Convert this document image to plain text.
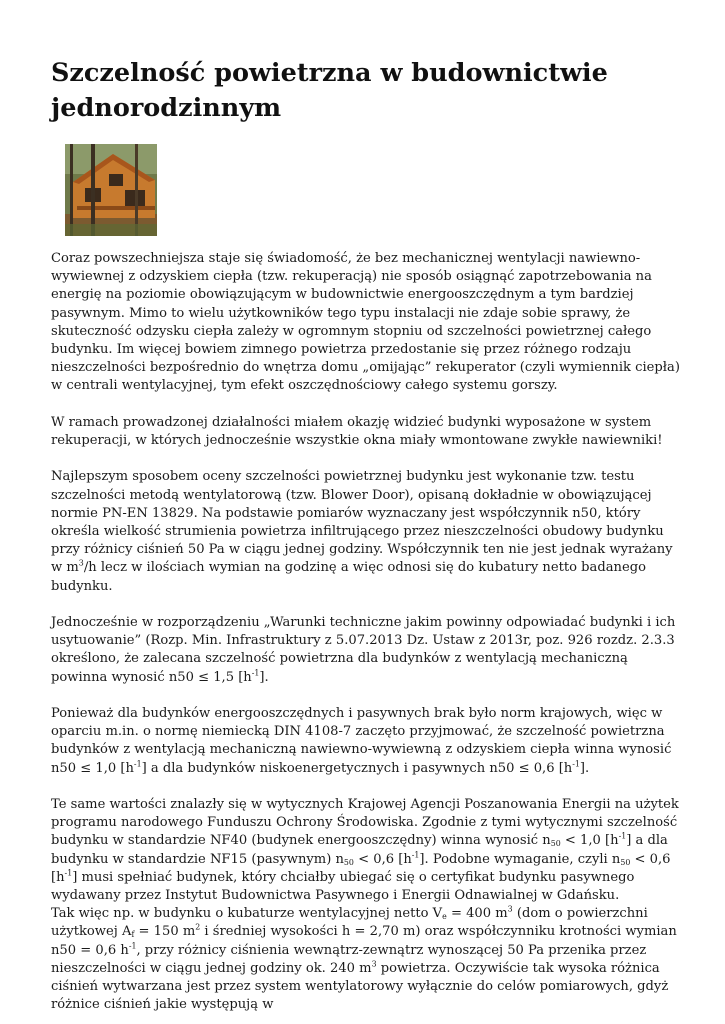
Szczelność powietrzna w budownictwie jednorodzinnym

Coraz powszechniejsza staje się świadomość, że bez mechanicznej wentylacji nawiewno-wywiewnej z odzyskiem ciepła (tzw. rekuperacją) nie sposób osiągnąć zapotrzebowania na energię na poziomie obowiązującym w budownictwie energooszczędnym a tym bardziej pasywnym. Mimo to wielu użytkowników tego typu instalacji nie zdaje sobie sprawy, że skuteczność odzysku ciepła zależy w ogromnym stopniu od szczelności powietrznej całego budynku. Im więcej bowiem zimnego powietrza przedostanie się przez różnego rodzaju nieszczelności bezpośrednio do wnętrza domu „omijając” rekuperator (czyli wymiennik ciepła) w centrali wentylacyjnej, tym efekt oszczędnościowy całego systemu gorszy.

W ramach prowadzonej działalności miałem okazję widzieć budynki wyposażone w system rekuperacji, w których jednocześnie wszystkie okna miały wmontowane zwykłe nawiewniki!

Najlepszym sposobem oceny szczelności powietrznej budynku jest wykonanie tzw. testu szczelności metodą wentylatorową (tzw. Blower Door), opisaną dokładnie w obowiązującej normie PN-EN 13829. Na podstawie pomiarów wyznaczany jest współczynnik n50, który określa wielkość strumienia powietrza infiltrującego przez nieszczelności obudowy budynku przy różnicy ciśnień 50 Pa w ciągu jednej godziny. Współczynnik ten nie jest jednak wyrażany w $m^3/h$ lecz w ilościach wymian na godzinę a więc odnosi się do kubatury netto badanego budynku.

Jednocześnie w rozporządzeniu „Warunki techniczne jakim powinny odpowiadać budynki i ich usytuowanie” (Rozp. Min. Infrastruktury z 5.07.2013 Dz. Ustaw z 2013r, poz. 926 rozdz. 2.3.3 określono, że zalecana szczelność powietrzna dla budynków z wentylacją mechaniczną powinna wynosić n50 ≤ 1,5 $[h^{-1}]$.

Ponieważ dla budynków energooszczędnych i pasywnych brak było norm krajowych, więc w oparciu m.in. o normę niemiecką DIN 4108-7 zaczęto przyjmować, że szczelność powietrzna budynków z wentylacją mechaniczną nawiewno-wywiewną z odzyskiem ciepła winna wynosić n50 ≤ 1,0 $[h^{-1}]$ a dla budynków niskoenergetycznych i pasywnych n50 ≤ 0,6 $[h^{-1}]$.

Te same wartości znalazły się w wytycznych Krajowej Agencji Poszanowania Energii na użytek programu narodowego Funduszu Ochrony Środowiska. Zgodnie z tymi wytycznymi szczelność budynku w standardzie NF40 (budynek energooszczędny) winna wynosić $n_{50} < 1,0$ $[h^{-1}]$ a dla budynku w standardzie NF15 (pasywnym) $n_{50} < 0,6$ $[h^{-1}]$. Podobne wymaganie, czyli $n_{50} < 0,6$ $[h^{-1}]$ musi spełniać budynek, który chciałby ubiegać się o certyfikat budynku pasywnego wydawany przez Instytut Budownictwa Pasywnego i Energii Odnawialnej w Gdańsku.

Tak więc np. w budynku o kubaturze wentylacyjnej netto $V_e = 400$ $m^3$ (dom o powierzchni użytkowej $A_f = 150$ $m^2$ i średniej wysokości h = 2,70 m) oraz współczynniku krotności wymian n50 = 0,6 $h^{-1}$, przy różnicy ciśnienia wewnątrz-zewnątrz wynoszącej 50 Pa przenika przez nieszczelności w ciągu jednej godziny ok. 240 $m^3$ powietrza. Oczywiście tak wysoka różnica ciśnień wytwarzana jest przez system wentylatorowy wyłącznie do celów pomiarowych, gdyż różnice ciśnień jakie występują w
